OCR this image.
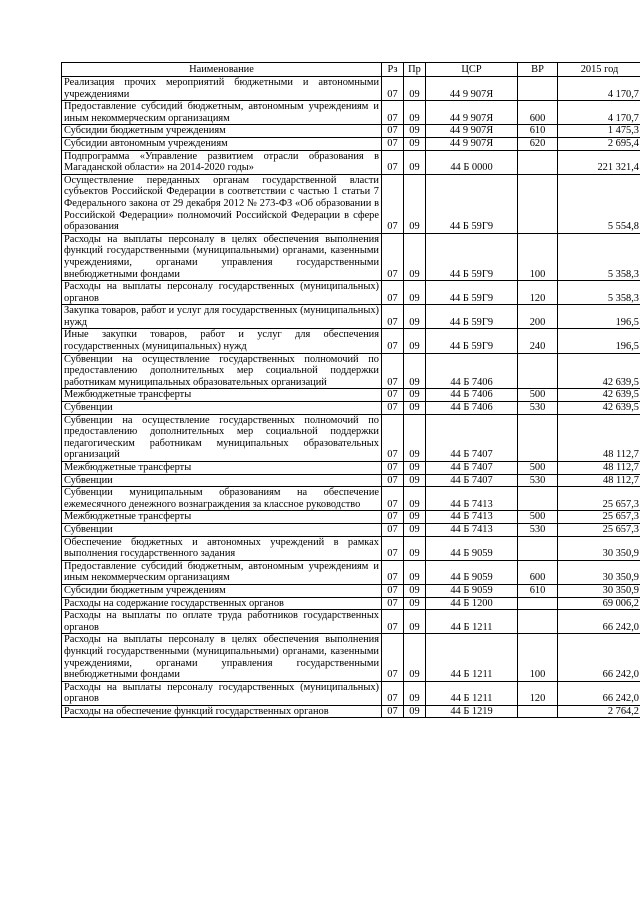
Наименование	Рз	Пр	ЦСР	ВР	2015 год
Реализация прочих мероприятий бюджетными и автономными учреждениями	07	09	44 9 907Я		4 170,7
Предоставление субсидий бюджетным, автономным учреждениям и иным некоммерческим организациям	07	09	44 9 907Я	600	4 170,7
Субсидии бюджетным учреждениям	07	09	44 9 907Я	610	1 475,3
Субсидии автономным учреждениям	07	09	44 9 907Я	620	2 695,4
Подпрограмма «Управление развитием отрасли образования в Магаданской области» на 2014-2020 годы»	07	09	44 Б 0000		221 321,4
Осуществление переданных органам государственной власти субъектов Российской Федерации в соответствии с частью 1 статьи 7 Федерального закона от 29 декабря 2012 № 273-ФЗ «Об образовании в Российской Федерации» полномочий Российской Федерации в сфере образования	07	09	44 Б 59Г9		5 554,8
Расходы на выплаты персоналу в целях обеспечения выполнения функций государственными (муниципальными) органами, казенными учреждениями, органами управления государственными внебюджетными фондами	07	09	44 Б 59Г9	100	5 358,3
Расходы на выплаты персоналу государственных (муниципальных) органов	07	09	44 Б 59Г9	120	5 358,3
Закупка товаров, работ и услуг для государственных (муниципальных) нужд	07	09	44 Б 59Г9	200	196,5
Иные закупки товаров, работ и услуг для обеспечения государственных (муниципальных) нужд	07	09	44 Б 59Г9	240	196,5
Субвенции на осуществление государственных полномочий по предоставлению дополнительных мер социальной поддержки работникам муниципальных образовательных организаций	07	09	44 Б 7406		42 639,5
Межбюджетные трансферты	07	09	44 Б 7406	500	42 639,5
Субвенции	07	09	44 Б 7406	530	42 639,5
Субвенции на осуществление государственных полномочий по предоставлению дополнительных мер социальной поддержки педагогическим работникам муниципальных образовательных организаций	07	09	44 Б 7407		48 112,7
Межбюджетные трансферты	07	09	44 Б 7407	500	48 112,7
Субвенции	07	09	44 Б 7407	530	48 112,7
Субвенции муниципальным образованиям на обеспечение ежемесячного денежного вознаграждения за классное руководство	07	09	44 Б 7413		25 657,3
Межбюджетные трансферты	07	09	44 Б 7413	500	25 657,3
Субвенции	07	09	44 Б 7413	530	25 657,3
Обеспечение бюджетных и автономных учреждений в рамках выполнения государственного задания	07	09	44 Б 9059		30 350,9
Предоставление субсидий бюджетным, автономным учреждениям и иным некоммерческим организациям	07	09	44 Б 9059	600	30 350,9
Субсидии бюджетным учреждениям	07	09	44 Б 9059	610	30 350,9
Расходы на содержание государственных органов	07	09	44 Б 1200		69 006,2
Расходы на выплаты по оплате труда работников государственных органов	07	09	44 Б 1211		66 242,0
Расходы на выплаты персоналу в целях обеспечения выполнения функций государственными (муниципальными) органами, казенными учреждениями, органами управления государственными внебюджетными фондами	07	09	44 Б 1211	100	66 242,0
Расходы на выплаты персоналу государственных (муниципальных) органов	07	09	44 Б 1211	120	66 242,0
Расходы на обеспечение функций государственных органов	07	09	44 Б 1219		2 764,2
